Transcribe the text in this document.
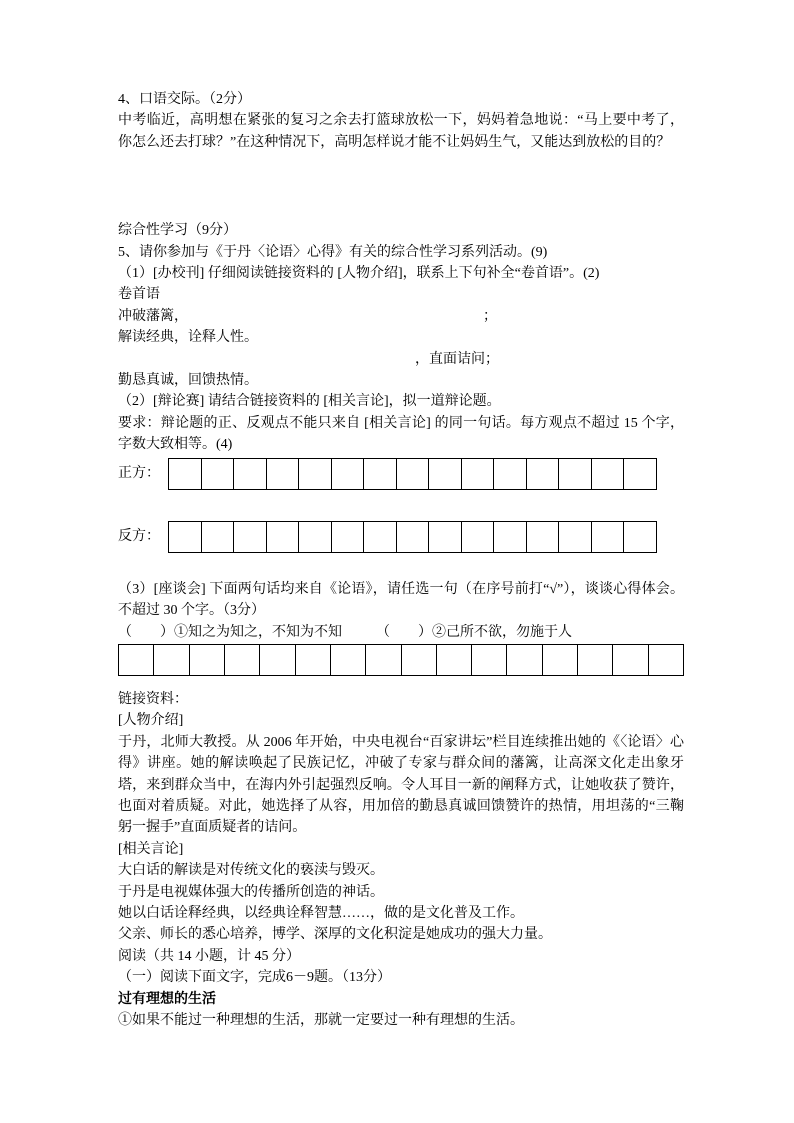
4、口语交际。（2分）
中考临近，高明想在紧张的复习之余去打篮球放松一下，妈妈着急地说：“马上要中考了，你怎么还去打球？”在这种情况下，高明怎样说才能不让妈妈生气，又能达到放松的目的？
综合性学习（9分）
5、请你参加与《于丹〈论语〉心得》有关的综合性学习系列活动。(9)
（1）[办校刊] 仔细阅读链接资料的 [人物介绍]，联系上下句补全“卷首语”。(2)
卷首语
冲破藩篱，	；
解读经典，诠释人性。
，直面诘问；
勤恳真诚，回馈热情。
（2）[辩论赛] 请结合链接资料的 [相关言论]，拟一道辩论题。
要求：辩论题的正、反观点不能只来自 [相关言论] 的同一句话。每方观点不超过 15 个字，字数大致相等。(4)
正方：
反方：
（3）[座谈会] 下面两句话均来自《论语》，请任选一句（在序号前打“√”），谈谈心得体会。不超过 30 个字。（3分）
（　　）①知之为知之，不知为不知 （　　）②己所不欲，勿施于人
链接资料：
[人物介绍]
于丹，北师大教授。从 2006 年开始，中央电视台“百家讲坛”栏目连续推出她的《〈论语〉心得》讲座。她的解读唤起了民族记忆，冲破了专家与群众间的藩篱，让高深文化走出象牙塔，来到群众当中，在海内外引起强烈反响。令人耳目一新的阐释方式，让她收获了赞许，也面对着质疑。对此，她选择了从容，用加倍的勤恳真诚回馈赞许的热情，用坦荡的“三鞠躬一握手”直面质疑者的诘问。
[相关言论]
大白话的解读是对传统文化的亵渎与毁灭。
于丹是电视媒体强大的传播所创造的神话。
她以白话诠释经典，以经典诠释智慧……，做的是文化普及工作。
父亲、师长的悉心培养，博学、深厚的文化积淀是她成功的强大力量。
阅读（共 14 小题，计 45 分）
（一）阅读下面文字，完成6－9题。（13分）
过有理想的生活
①如果不能过一种理想的生活，那就一定要过一种有理想的生活。
